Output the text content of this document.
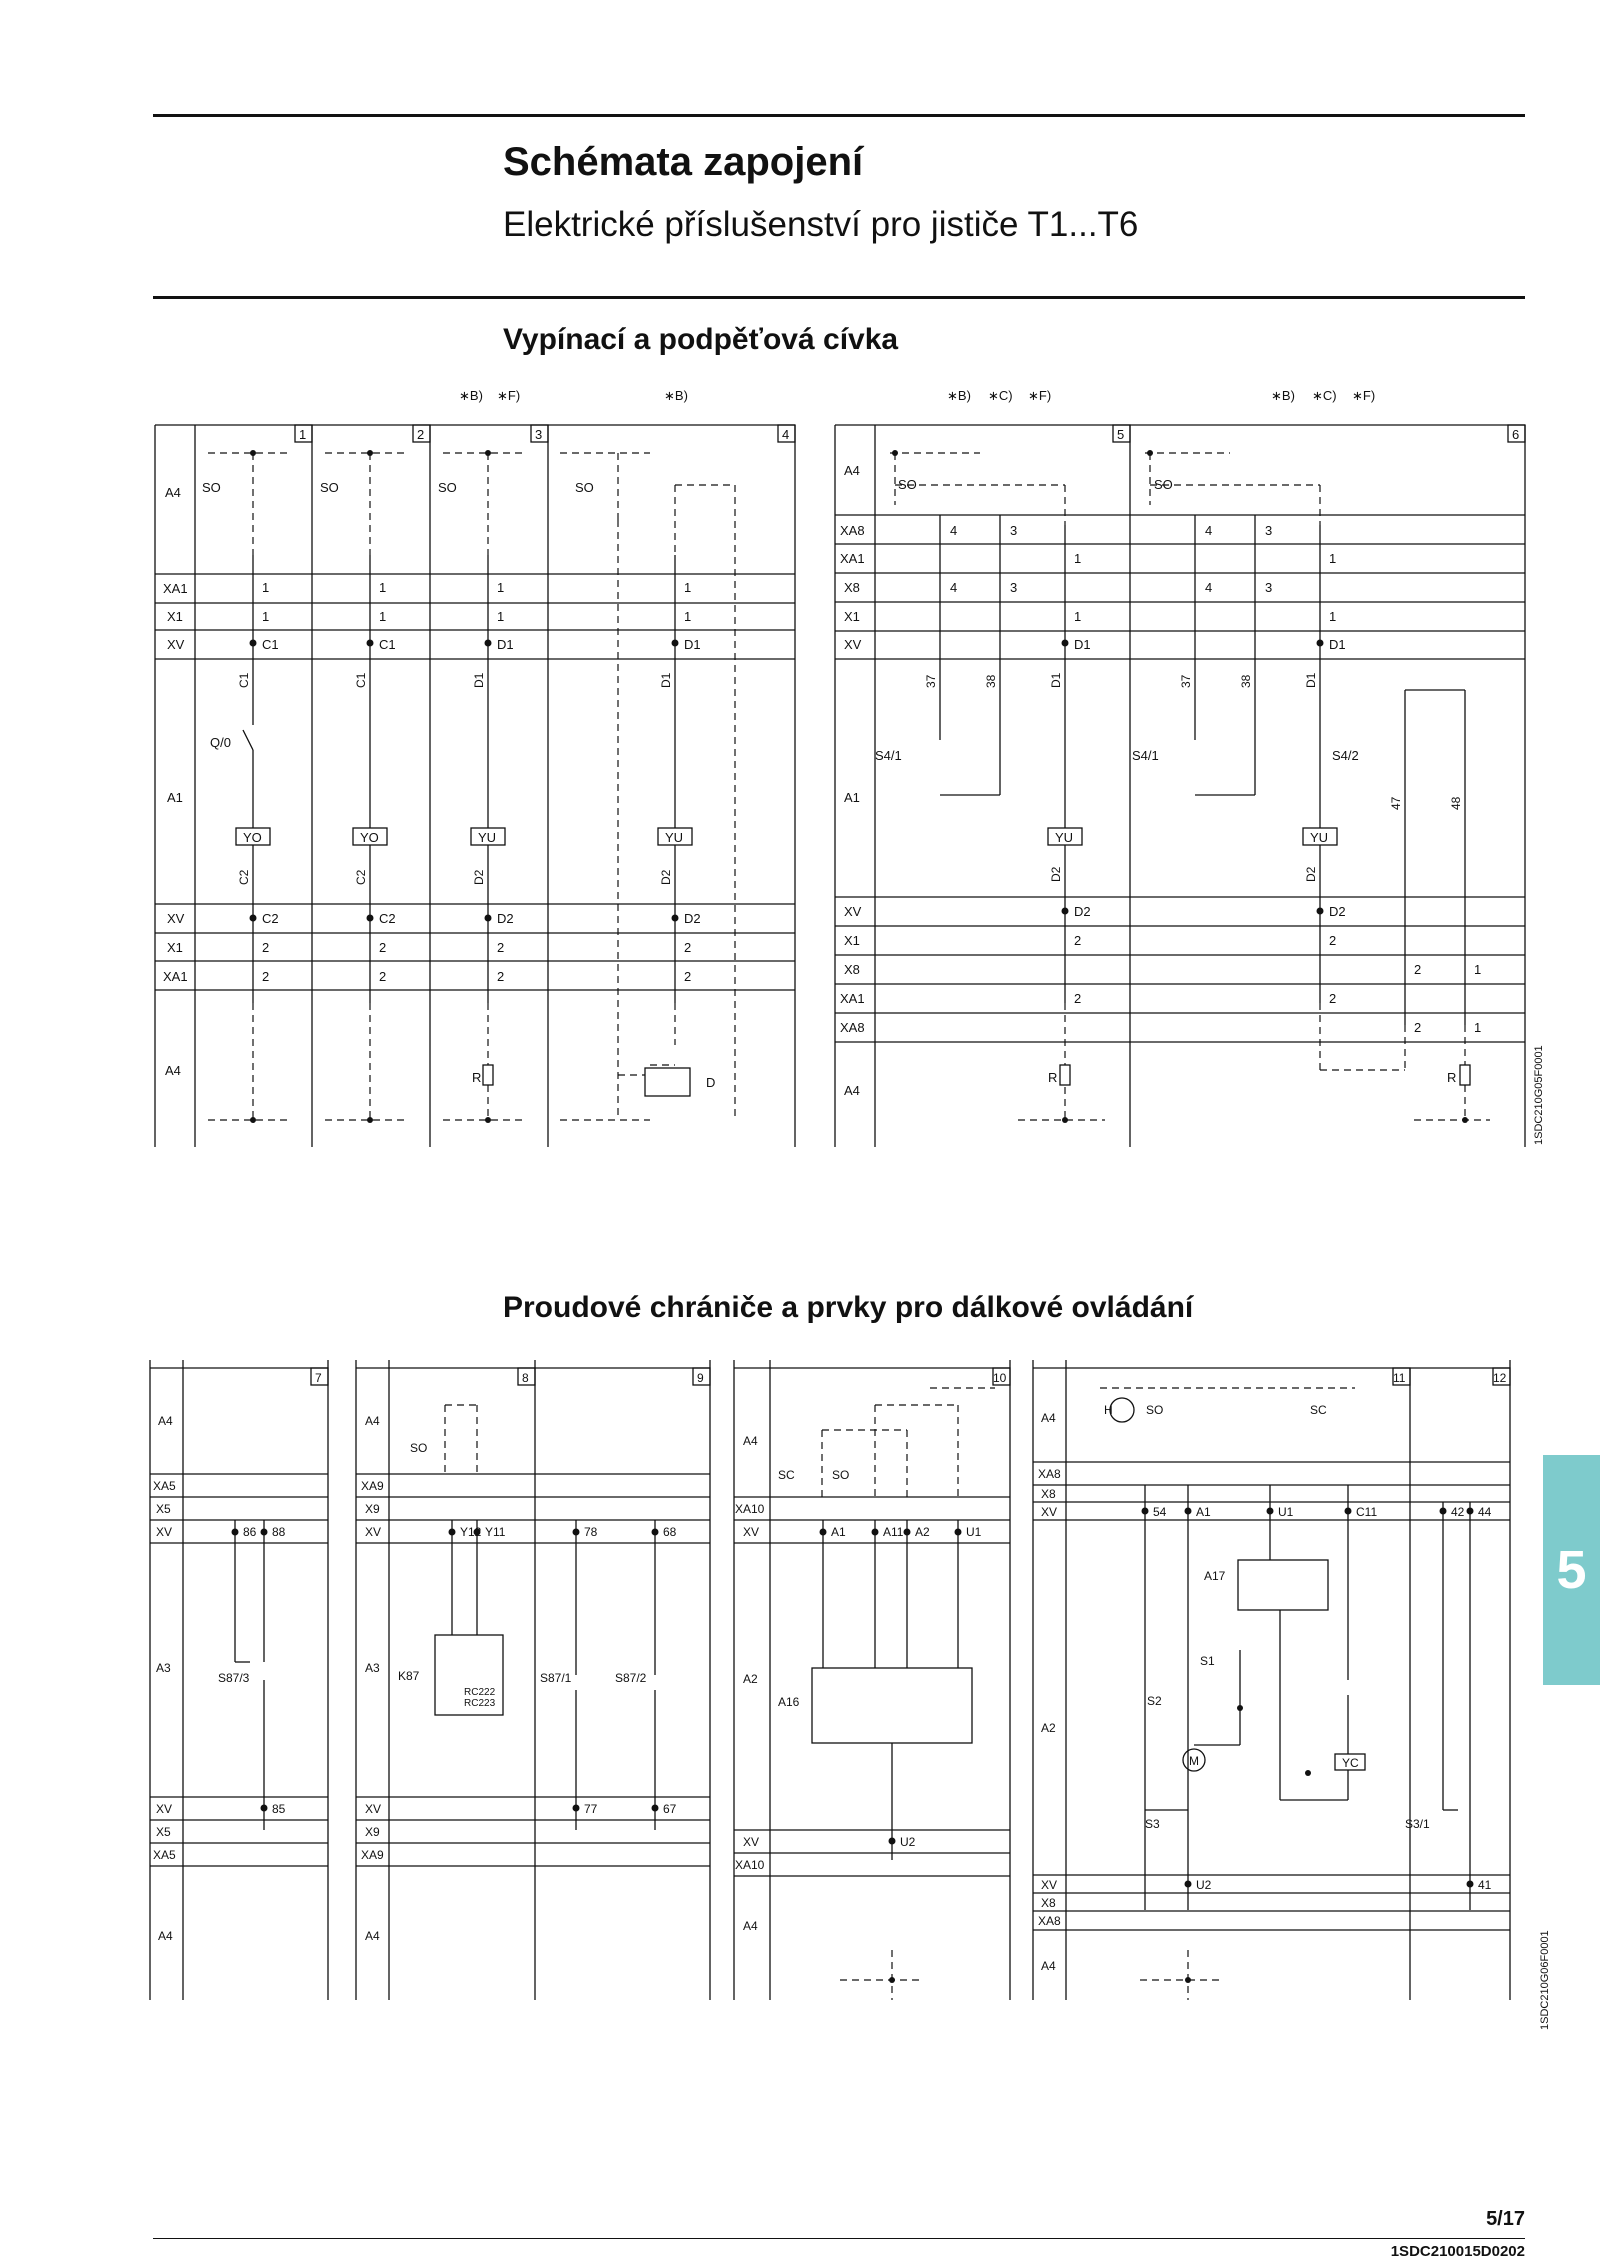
Schémata zapojení
Elektrické příslušenství pro jističe T1...T6
Vypínací a podpěťová cívka
∗B) ∗F)	∗B)	∗B) ∗C) ∗F)	∗B) ∗C) ∗F)
1	2	3	4	5	6
A4
XA1
X1
XV
A1
XV
X1
XA1
A4
A4
XA8
XA1
X8
X1
XV
A1
XV
X1
X8
XA1
XA8
A4
SO	SO	SO	SO	SO	SO
Q/0
YO	YO	YU	YU	YU	YU
R	R	R
D
S4/1	S4/1	S4/2
1	1	1	1
1	1	1	1
C1	C1	D1	D1
C2	C2	D2	D2
2	2	2	2
2	2	2	2
4	3
1
4	3
1
D1
4	3
1
4	3
1
D1
D2	D2
2	2
2	1
2	2
2	1
C1	C1	D1	D1
C2	C2	D2	D2
37	38	D1	37	38	D1
D2	D2
47	48
1SDC210G05F0001
Proudové chrániče a prvky pro dálkové ovládání
7	8	9	10	11	12
A4
XA5
X5
XV
A3
XV
X5
XA5
A4
A4
XA9
X9
XV
A3
XV
X9
XA9
A4
A4
XA10
XV
A2
XV
XA10
A4
A4
XA8
X8
XV
A2
XV
X8
XA8
A4
S87/3	K87
RC222
RC223
S87/1	S87/2
SC	SO
SO
A16
H	SO	SC
A17
S1
S2
M	YC
S3	S3/1
88
86
85
Y12 Y11	78	68
77	67
A1	A11 A2	U1
U2
54 A1	U1	C11	42 44
U2	41
1SDC210G06F0001
5
5/17
1SDC210015D0202
